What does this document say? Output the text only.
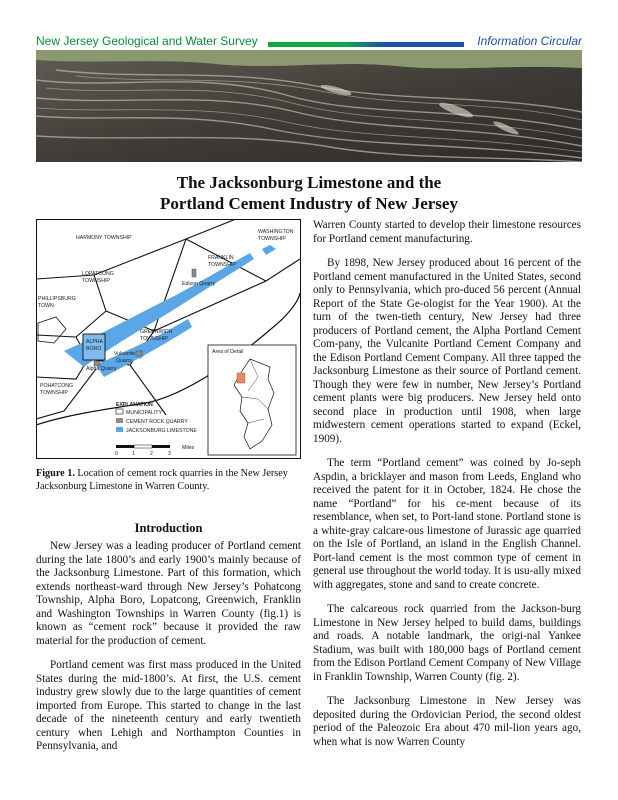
New Jersey Geological and Water Survey	Information Circular
The Jacksonburg Limestone and the
Portland Cement Industry of New Jersey
HARMONY TOWNSHIP
WASHINGTON
TOWNSHIP
FRANKLIN
TOWNSHIP
LOPATCONG
TOWNSHIP
PHILLIPSBURG
TOWN
GREENWICH
TOWNSHIP
ALPHA
BORO
POHATCONG
TOWNSHIP
Edison Quarry
Vulcanite
Quarry
Alpha Quarry
Area of Detail
EXPLANATION
MUNICIPALITY
CEMENT ROCK QUARRY
JACKSONBURG LIMESTONE
0	1	2	3
Miles
Figure 1. Location of cement rock quarries in the New Jersey Jacksonburg Limestone in Warren County.
Introduction

New Jersey was a leading producer of Portland cement during the late 1800’s and early 1900’s mainly because of the Jacksonburg Limestone. Part of this formation, which extends northeast-ward through New Jersey’s Pohatcong Township, Alpha Boro, Lopatcong, Greenwich, Franklin and Washington Townships in Warren County (fig.1) is known as “cement rock” because it provided the raw material for the production of cement.

Portland cement was first mass produced in the United States during the mid-1800’s. At first, the U.S. cement industry grew slowly due to the large quantities of cement imported from Europe. This started to change in the last decade of the nineteenth century and early twentieth century when Lehigh and Northampton Counties in Pennsylvania, and

Warren County started to develop their limestone resources for Portland cement manufacturing.

By 1898, New Jersey produced about 16 percent of the Portland cement manufactured in the United States, second only to Pennsylvania, which pro-duced 56 percent (Annual Report of the State Ge-ologist for the Year 1900). At the turn of the twen-tieth century, New Jersey had three producers of Portland cement, the Alpha Portland Cement Com-pany, the Vulcanite Portland Cement Company and the Edison Portland Cement Company. All three tapped the Jacksonburg Limestone as their source of Portland cement. Though they were few in number, New Jersey’s Portland cement plants were big producers. New Jersey held onto second place in production until 1908, when large midwestern cement operations started to expand (Eckel, 1909).

The term “Portland cement” was coined by Jo-seph Aspdin, a bricklayer and mason from Leeds, England who received the patent for it in October, 1824. He chose the name “Portland” for his ce-ment because of its resemblance, when set, to Port-land stone. Portland stone is a white-gray calcare-ous limestone of Jurassic age quarried on the Isle of Portland, an island in the English Channel. Port-land cement is the most common type of cement in general use throughout the world today. It is usu-ally mixed with aggregates, stone and sand to create concrete.

The calcareous rock quarried from the Jackson-burg Limestone in New Jersey helped to build dams, buildings and roads. A notable landmark, the origi-nal Yankee Stadium, was built with 180,000 bags of Portland cement from the Edison Portland Cement Company of New Village in Franklin Township, Warren County (fig. 2).

The Jacksonburg Limestone in New Jersey was deposited during the Ordovician Period, the second oldest period of the Paleozoic Era about 470 mil-lion years ago, when what is now Warren County
